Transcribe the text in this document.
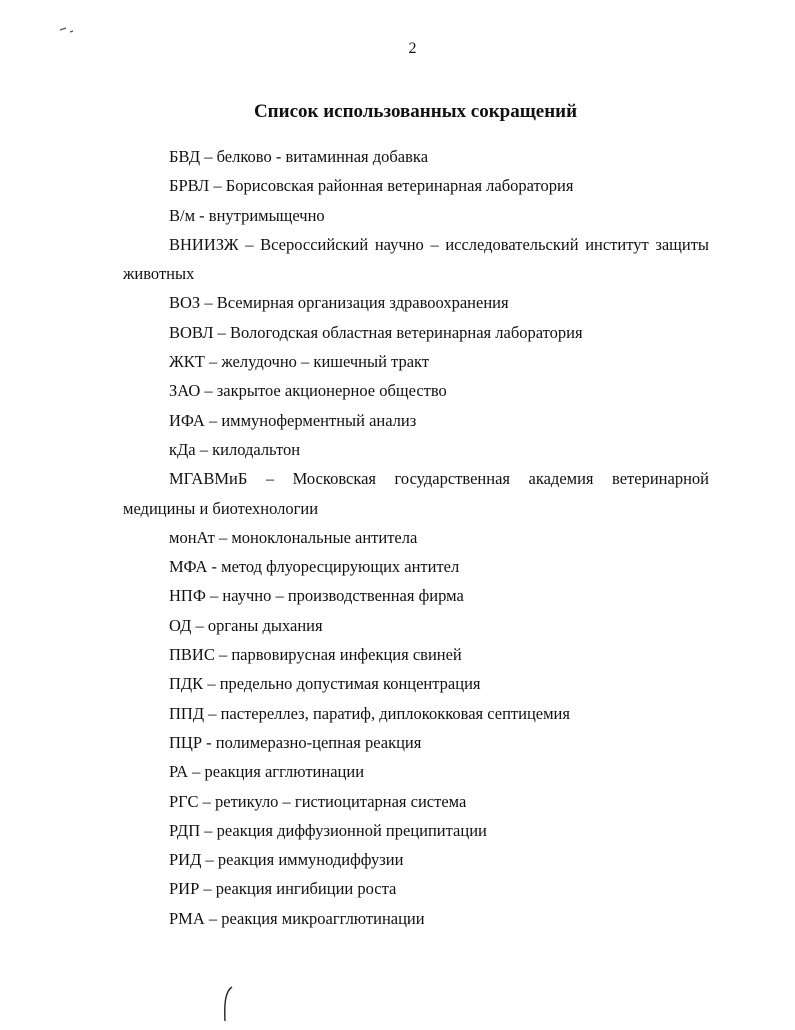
2
Список использованных сокращений
БВД – белково - витаминная добавка
БРВЛ – Борисовская районная ветеринарная лаборатория
В/м - внутримыщечно
ВНИИЗЖ – Всероссийский научно – исследовательский институт защиты животных
ВОЗ – Всемирная организация здравоохранения
ВОВЛ – Вологодская областная ветеринарная лаборатория
ЖКТ – желудочно – кишечный тракт
ЗАО – закрытое акционерное общество
ИФА – иммуноферментный анализ
кДа – килодальтон
МГАВМиБ – Московская государственная академия ветеринарной медицины и биотехнологии
монАт – моноклональные антитела
МФА - метод флуоресцирующих антител
НПФ – научно – производственная фирма
ОД – органы дыхания
ПВИС – парвовирусная инфекция свиней
ПДК – предельно допустимая концентрация
ППД – пастереллез, паратиф, диплококковая септицемия
ПЦР - полимеразно-цепная реакция
РА – реакция агглютинации
РГС – ретикуло – гистиоцитарная система
РДП – реакция диффузионной преципитации
РИД – реакция иммунодиффузии
РИР – реакция ингибиции роста
РМА – реакция микроагглютинации
